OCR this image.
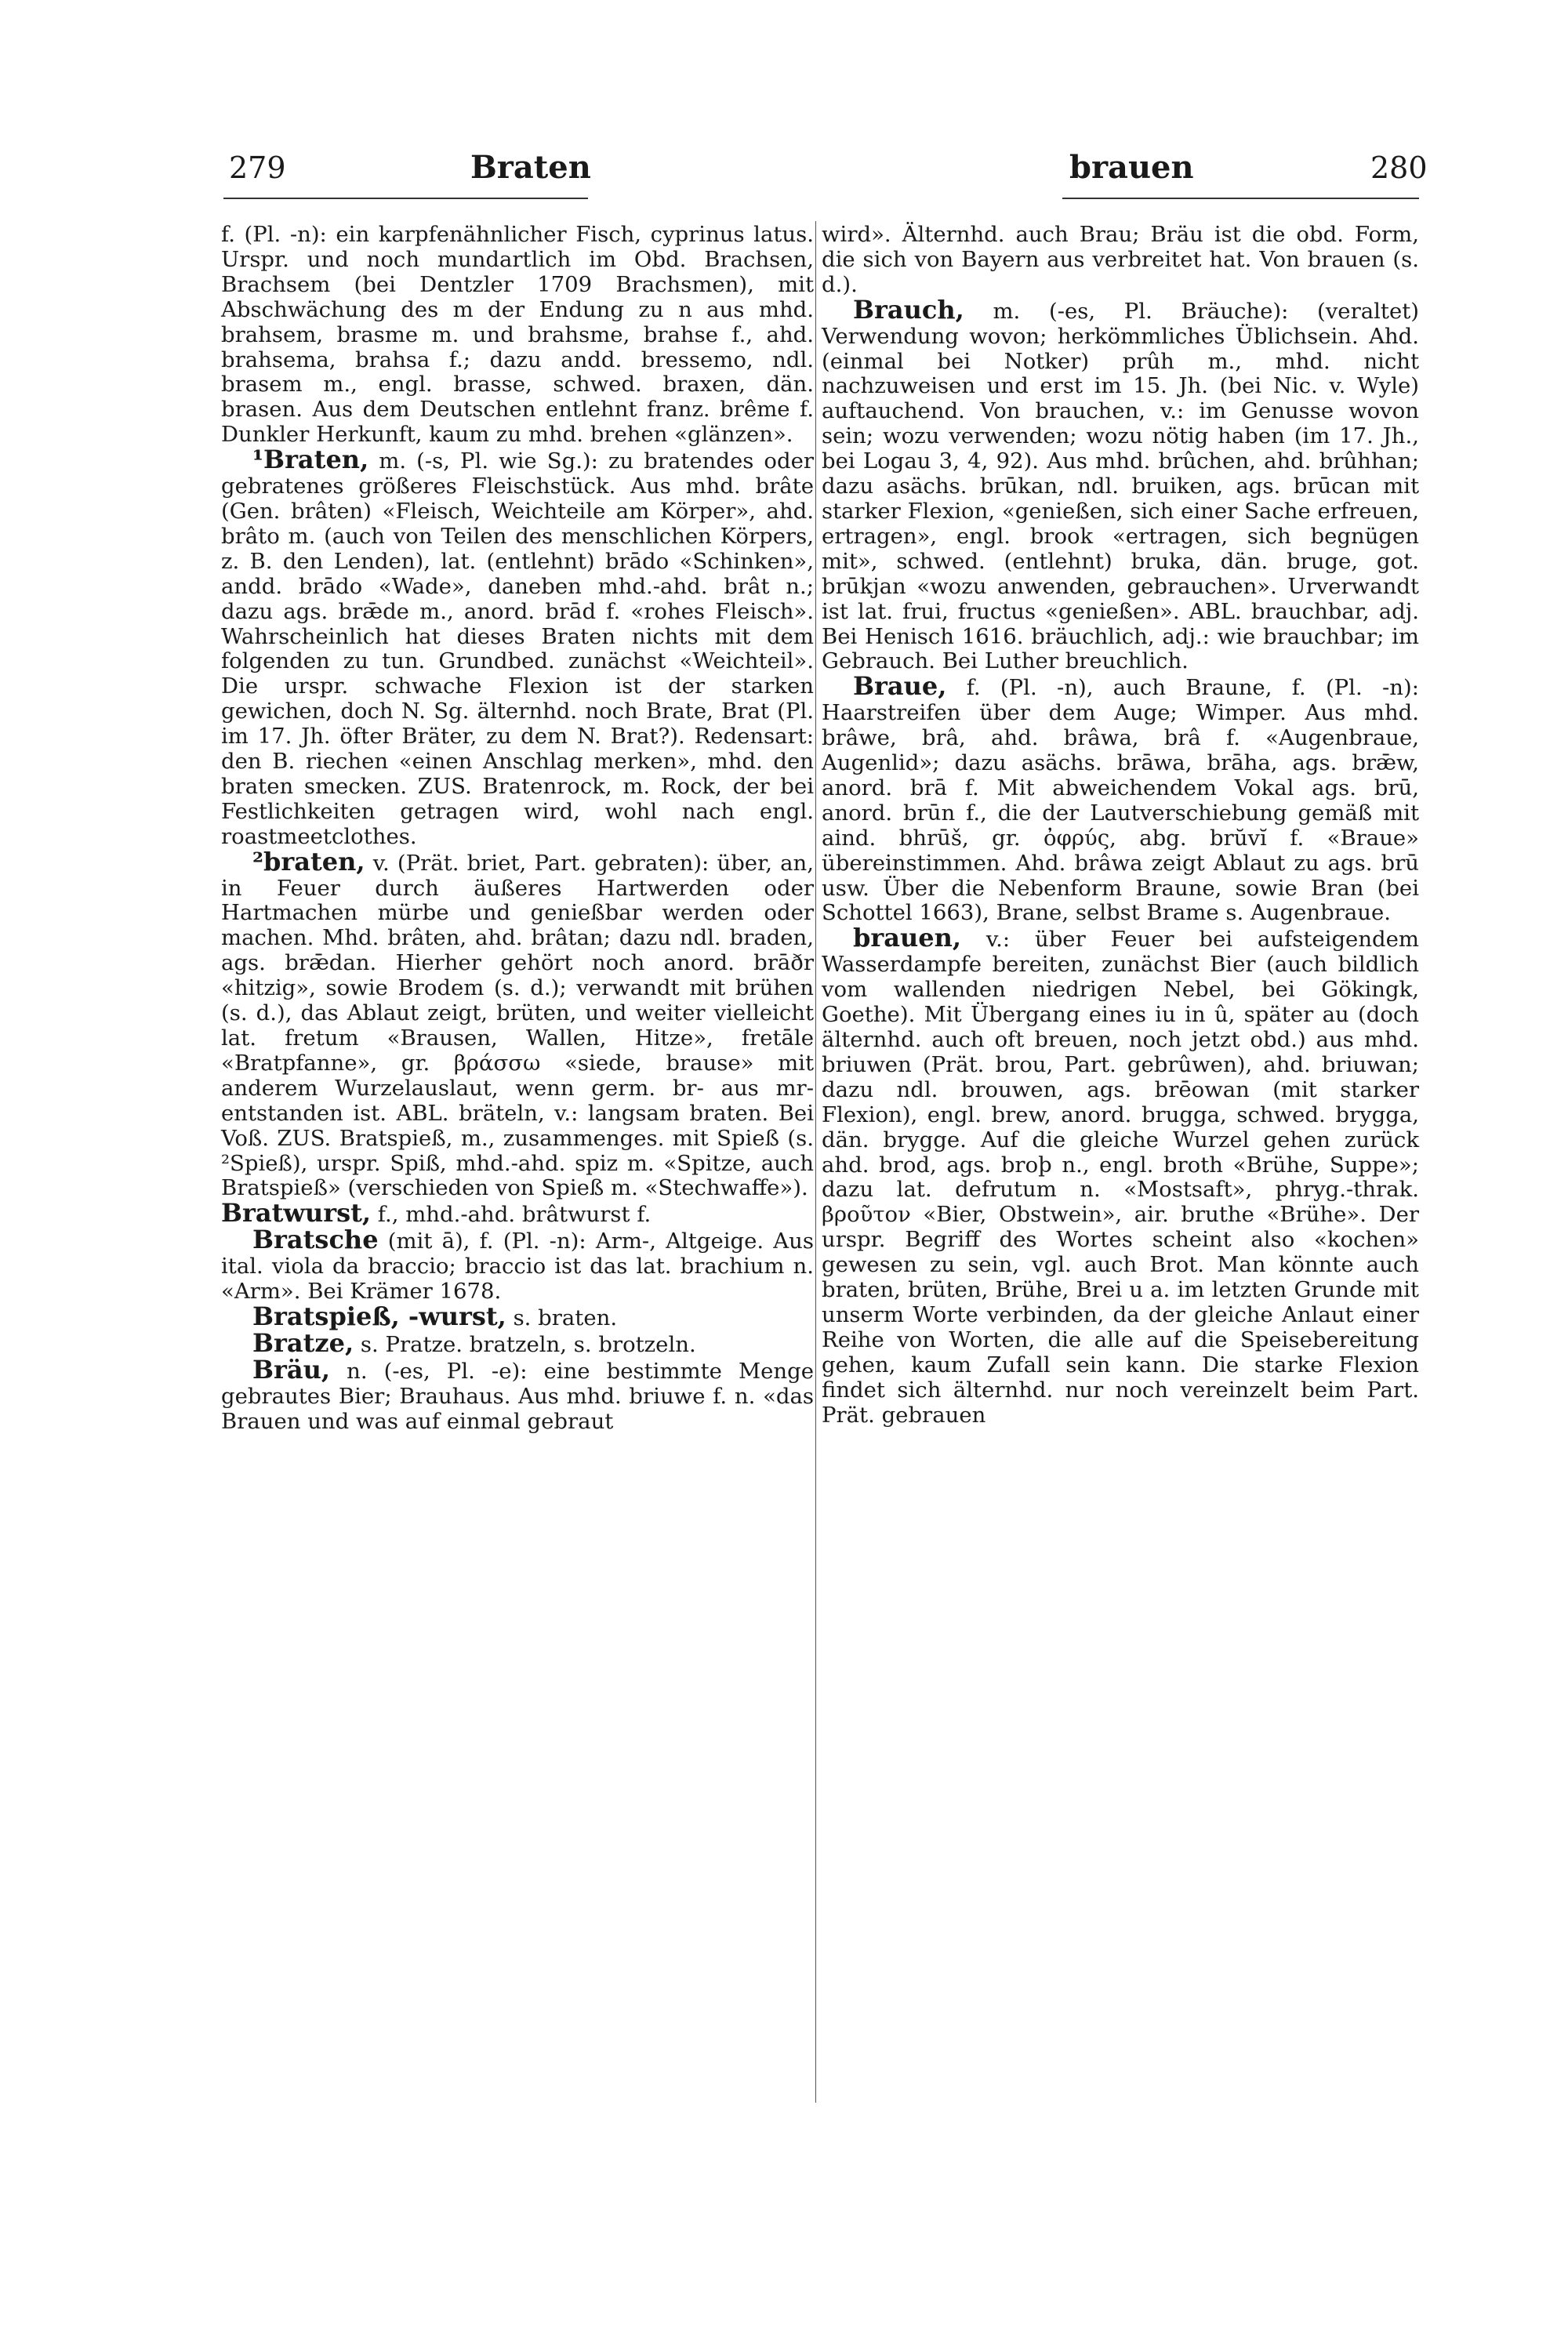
279	Braten	brauen	280

f. (Pl. -n): ein karpfenähnlicher Fisch, cyprinus latus. Urspr. und noch mundartlich im Obd. Brachsen, Brachsem (bei Dentzler 1709 Brachsmen), mit Abschwächung des m der Endung zu n aus mhd. brahsem, brasme m. und brahsme, brahse f., ahd. brahsema, brahsa f.; dazu andd. bressemo, ndl. brasem m., engl. brasse, schwed. braxen, dän. brasen. Aus dem Deutschen entlehnt franz. brême f. Dunkler Herkunft, kaum zu mhd. brehen «glänzen».

¹Braten, m. (-s, Pl. wie Sg.): zu bratendes oder gebratenes größeres Fleischstück. Aus mhd. brâte (Gen. brâten) «Fleisch, Weichteile am Körper», ahd. brâto m. (auch von Teilen des menschlichen Körpers, z. B. den Lenden), lat. (entlehnt) brādo «Schinken», andd. brādo «Wade», daneben mhd.-ahd. brât n.; dazu ags. brǣde m., anord. brād f. «rohes Fleisch». Wahrscheinlich hat dieses Braten nichts mit dem folgenden zu tun. Grundbed. zunächst «Weichteil». Die urspr. schwache Flexion ist der starken gewichen, doch N. Sg. älternhd. noch Brate, Brat (Pl. im 17. Jh. öfter Bräter, zu dem N. Brat?). Redensart: den B. riechen «einen Anschlag merken», mhd. den braten smecken. ZUS. Bratenrock, m. Rock, der bei Festlichkeiten getragen wird, wohl nach engl. roastmeetclothes.

²braten, v. (Prät. briet, Part. gebraten): über, an, in Feuer durch äußeres Hartwerden oder Hartmachen mürbe und genießbar werden oder machen. Mhd. brâten, ahd. brâtan; dazu ndl. braden, ags. brǣdan. Hierher gehört noch anord. brāðr «hitzig», sowie Brodem (s. d.); verwandt mit brühen (s. d.), das Ablaut zeigt, brüten, und weiter vielleicht lat. fretum «Brausen, Wallen, Hitze», fretāle «Bratpfanne», gr. βράσσω «siede, brause» mit anderem Wurzelauslaut, wenn germ. br- aus mr- entstanden ist. ABL. bräteln, v.: langsam braten. Bei Voß. ZUS. Bratspieß, m., zusammenges. mit Spieß (s. ²Spieß), urspr. Spiß, mhd.-ahd. spiz m. «Spitze, auch Bratspieß» (verschieden von Spieß m. «Stechwaffe»).

Bratwurst, f., mhd.-ahd. brâtwurst f.

Bratsche (mit ā), f. (Pl. -n): Arm-, Altgeige. Aus ital. viola da braccio; braccio ist das lat. brachium n. «Arm». Bei Krämer 1678.

Bratspieß, -wurst, s. braten.

Bratze, s. Pratze. bratzeln, s. brotzeln.

Bräu, n. (-es, Pl. -e): eine bestimmte Menge gebrautes Bier; Brauhaus. Aus mhd. briuwe f. n. «das Brauen und was auf einmal gebraut

wird». Älternhd. auch Brau; Bräu ist die obd. Form, die sich von Bayern aus verbreitet hat. Von brauen (s. d.).

Brauch, m. (-es, Pl. Bräuche): (veraltet) Verwendung wovon; herkömmliches Üblichsein. Ahd. (einmal bei Notker) prûh m., mhd. nicht nachzuweisen und erst im 15. Jh. (bei Nic. v. Wyle) auftauchend. Von brauchen, v.: im Genusse wovon sein; wozu verwenden; wozu nötig haben (im 17. Jh., bei Logau 3, 4, 92). Aus mhd. brûchen, ahd. brûhhan; dazu asächs. brūkan, ndl. bruiken, ags. brūcan mit starker Flexion, «genießen, sich einer Sache erfreuen, ertragen», engl. brook «ertragen, sich begnügen mit», schwed. (entlehnt) bruka, dän. bruge, got. brūkjan «wozu anwenden, gebrauchen». Urverwandt ist lat. frui, fructus «genießen». ABL. brauchbar, adj. Bei Henisch 1616. bräuchlich, adj.: wie brauchbar; im Gebrauch. Bei Luther breuchlich.

Braue, f. (Pl. -n), auch Braune, f. (Pl. -n): Haarstreifen über dem Auge; Wimper. Aus mhd. brâwe, brâ, ahd. brâwa, brâ f. «Augenbraue, Augenlid»; dazu asächs. brāwa, brāha, ags. brǣw, anord. brā f. Mit abweichendem Vokal ags. brū, anord. brūn f., die der Lautverschiebung gemäß mit aind. bhrūš, gr. ὀφρύς, abg. brŭvĭ f. «Braue» übereinstimmen. Ahd. brâwa zeigt Ablaut zu ags. brū usw. Über die Nebenform Braune, sowie Bran (bei Schottel 1663), Brane, selbst Brame s. Augenbraue.

brauen, v.: über Feuer bei aufsteigendem Wasserdampfe bereiten, zunächst Bier (auch bildlich vom wallenden niedrigen Nebel, bei Gökingk, Goethe). Mit Übergang eines iu in û, später au (doch älternhd. auch oft breuen, noch jetzt obd.) aus mhd. briuwen (Prät. brou, Part. gebrûwen), ahd. briuwan; dazu ndl. brouwen, ags. brēowan (mit starker Flexion), engl. brew, anord. brugga, schwed. brygga, dän. brygge. Auf die gleiche Wurzel gehen zurück ahd. brod, ags. broþ n., engl. broth «Brühe, Suppe»; dazu lat. defrutum n. «Mostsaft», phryg.-thrak. βροῦτον «Bier, Obstwein», air. bruthe «Brühe». Der urspr. Begriff des Wortes scheint also «kochen» gewesen zu sein, vgl. auch Brot. Man könnte auch braten, brüten, Brühe, Brei u a. im letzten Grunde mit unserm Worte verbinden, da der gleiche Anlaut einer Reihe von Worten, die alle auf die Speisebereitung gehen, kaum Zufall sein kann. Die starke Flexion findet sich älternhd. nur noch vereinzelt beim Part. Prät. gebrauen
